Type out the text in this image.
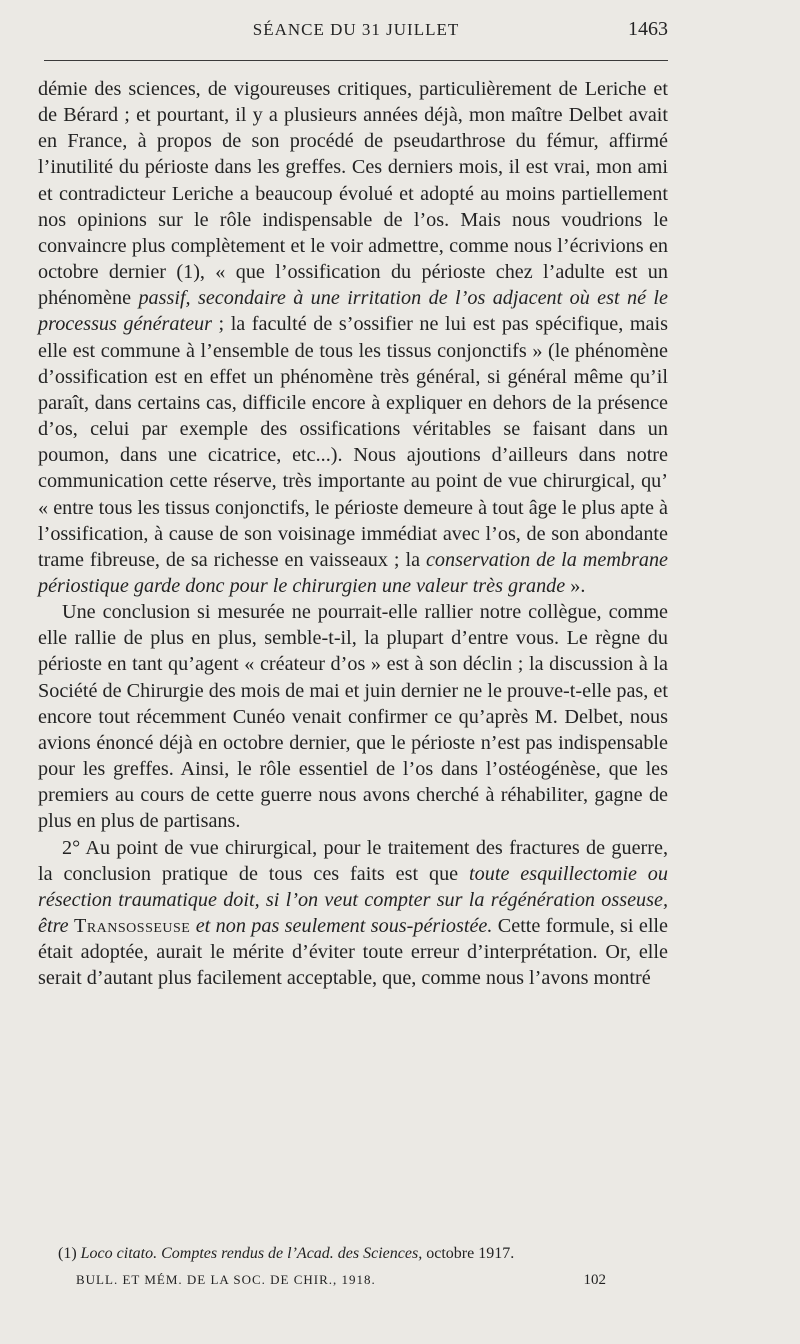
SÉANCE DU 31 JUILLET	1463

démie des sciences, de vigoureuses critiques, particulièrement de Leriche et de Bérard ; et pourtant, il y a plusieurs années déjà, mon maître Delbet avait en France, à propos de son procédé de pseudarthrose du fémur, affirmé l’inutilité du périoste dans les greffes. Ces derniers mois, il est vrai, mon ami et contradicteur Leriche a beaucoup évolué et adopté au moins partiellement nos opinions sur le rôle indispensable de l’os. Mais nous voudrions le convaincre plus complètement et le voir admettre, comme nous l’écrivions en octobre dernier (1), « que l’ossification du périoste chez l’adulte est un phénomène passif, secondaire à une irritation de l’os adjacent où est né le processus générateur ; la faculté de s’ossifier ne lui est pas spécifique, mais elle est commune à l’ensemble de tous les tissus conjonctifs » (le phénomène d’ossification est en effet un phénomène très général, si général même qu’il paraît, dans certains cas, difficile encore à expliquer en dehors de la présence d’os, celui par exemple des ossifications véritables se faisant dans un poumon, dans une cicatrice, etc...). Nous ajoutions d’ailleurs dans notre communication cette réserve, très importante au point de vue chirurgical, qu’ « entre tous les tissus conjonctifs, le périoste demeure à tout âge le plus apte à l’ossification, à cause de son voisinage immédiat avec l’os, de son abondante trame fibreuse, de sa richesse en vaisseaux ; la conservation de la membrane périostique garde donc pour le chirurgien une valeur très grande ».

Une conclusion si mesurée ne pourrait-elle rallier notre collègue, comme elle rallie de plus en plus, semble-t-il, la plupart d’entre vous. Le règne du périoste en tant qu’agent « créateur d’os » est à son déclin ; la discussion à la Société de Chirurgie des mois de mai et juin dernier ne le prouve-t-elle pas, et encore tout récemment Cunéo venait confirmer ce qu’après M. Delbet, nous avions énoncé déjà en octobre dernier, que le périoste n’est pas indispensable pour les greffes. Ainsi, le rôle essentiel de l’os dans l’ostéogénèse, que les premiers au cours de cette guerre nous avons cherché à réhabiliter, gagne de plus en plus de partisans.

2° Au point de vue chirurgical, pour le traitement des fractures de guerre, la conclusion pratique de tous ces faits est que toute esquillectomie ou résection traumatique doit, si l’on veut compter sur la régénération osseuse, être Transosseuse et non pas seulement sous-périostée. Cette formule, si elle était adoptée, aurait le mérite d’éviter toute erreur d’interprétation. Or, elle serait d’autant plus facilement acceptable, que, comme nous l’avons montré

(1) Loco citato. Comptes rendus de l’Acad. des Sciences, octobre 1917.
BULL. ET MÉM. DE LA SOC. DE CHIR., 1918.	102
